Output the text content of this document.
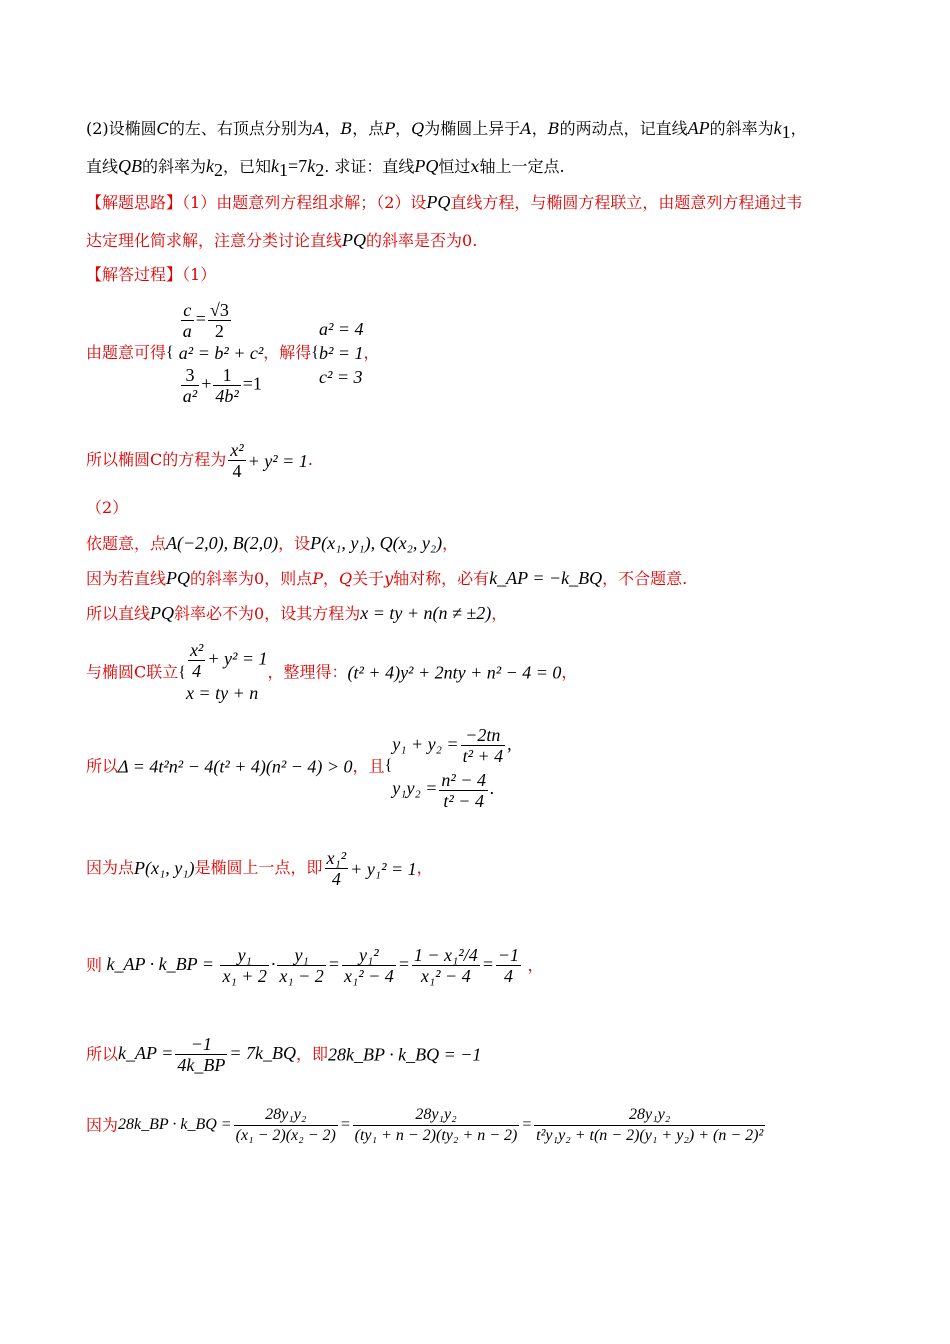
(2)设椭圆C的左、右顶点分别为A，B，点P，Q为椭圆上异于A，B的两动点，记直线AP的斜率为$k_1$，
直线QB的斜率为$k_2$，已知$k_1=7k_2$. 求证：直线PQ恒过x轴上一定点.
【解题思路】（1）由题意列方程组求解；（2）设PQ直线方程，与椭圆方程联立，由题意列方程通过韦
达定理化简求解，注意分类讨论直线PQ的斜率是否为0.
【解答过程】（1）
由题意可得{
$\frac{c}{a} = \frac{√3}{2}$
a² = b² + c²
$\frac{3}{\text{a²}} + \frac{1}{\text{4b²}} =1$
，解得{
a² = 4
b² = 1
c² = 3
，
所以椭圆C的方程为 $\frac{\text{x²}}{4} + y^2 = 1$.
（2）
依题意，点A(−2,0), B(2,0)，设P(x₁, y₁), Q(x₂, y₂)，
因为若直线PQ的斜率为0，则点P，Q关于y轴对称，必有k_AP = −k_BQ，不合题意.
所以直线PQ斜率必不为0，设其方程为x = ty + n(n ≠ ±2)，
与椭圆C联立{ $\frac{\text{x²}}{4} + y^2 = 1$
x = ty + n
，整理得：(t² + 4)y² + 2nty + n² − 4 = 0，
所以Δ = 4t²n² − 4(t² + 4)(n² − 4) > 0，且{
$y_1 + y_2 = \frac{-2tn}{\text{t² + 4}}$ ,
$y_1y_2 = \frac{\text{n² − 4}}{\text{t² − 4}}$ .
因为点P(x₁, y₁)是椭圆上一点，即 $\frac{\text{x₁²}}{4} + y_1^2 = 1$，
则 k_AP · k_BP = $\frac{\text{y₁}}{\text{x₁ + 2}} \cdot \frac{\text{y₁}}{\text{x₁ − 2}} = \frac{\text{y₁²}}{\text{x₁² − 4}} = \frac{\text{1 − x₁²/4}}{\text{x₁² − 4}} = \frac{-1}{4}$ ，
所以k_AP = $\frac{-1}{4k\_BP}$ = 7k_BQ，即28k_BP · k_BQ = −1
因为28k_BP · k_BQ = $\frac{\text{28y₁y₂}}{\text{(x₁ − 2)(x₂ − 2)}} = \frac{\text{28y₁y₂}}{\text{(ty₁ + n − 2)(ty₂ + n − 2)}} = \frac{\text{28y₁y₂}}{\text{t²y₁y₂ + t(n − 2)(y₁ + y₂) + (n − 2)²}}$
